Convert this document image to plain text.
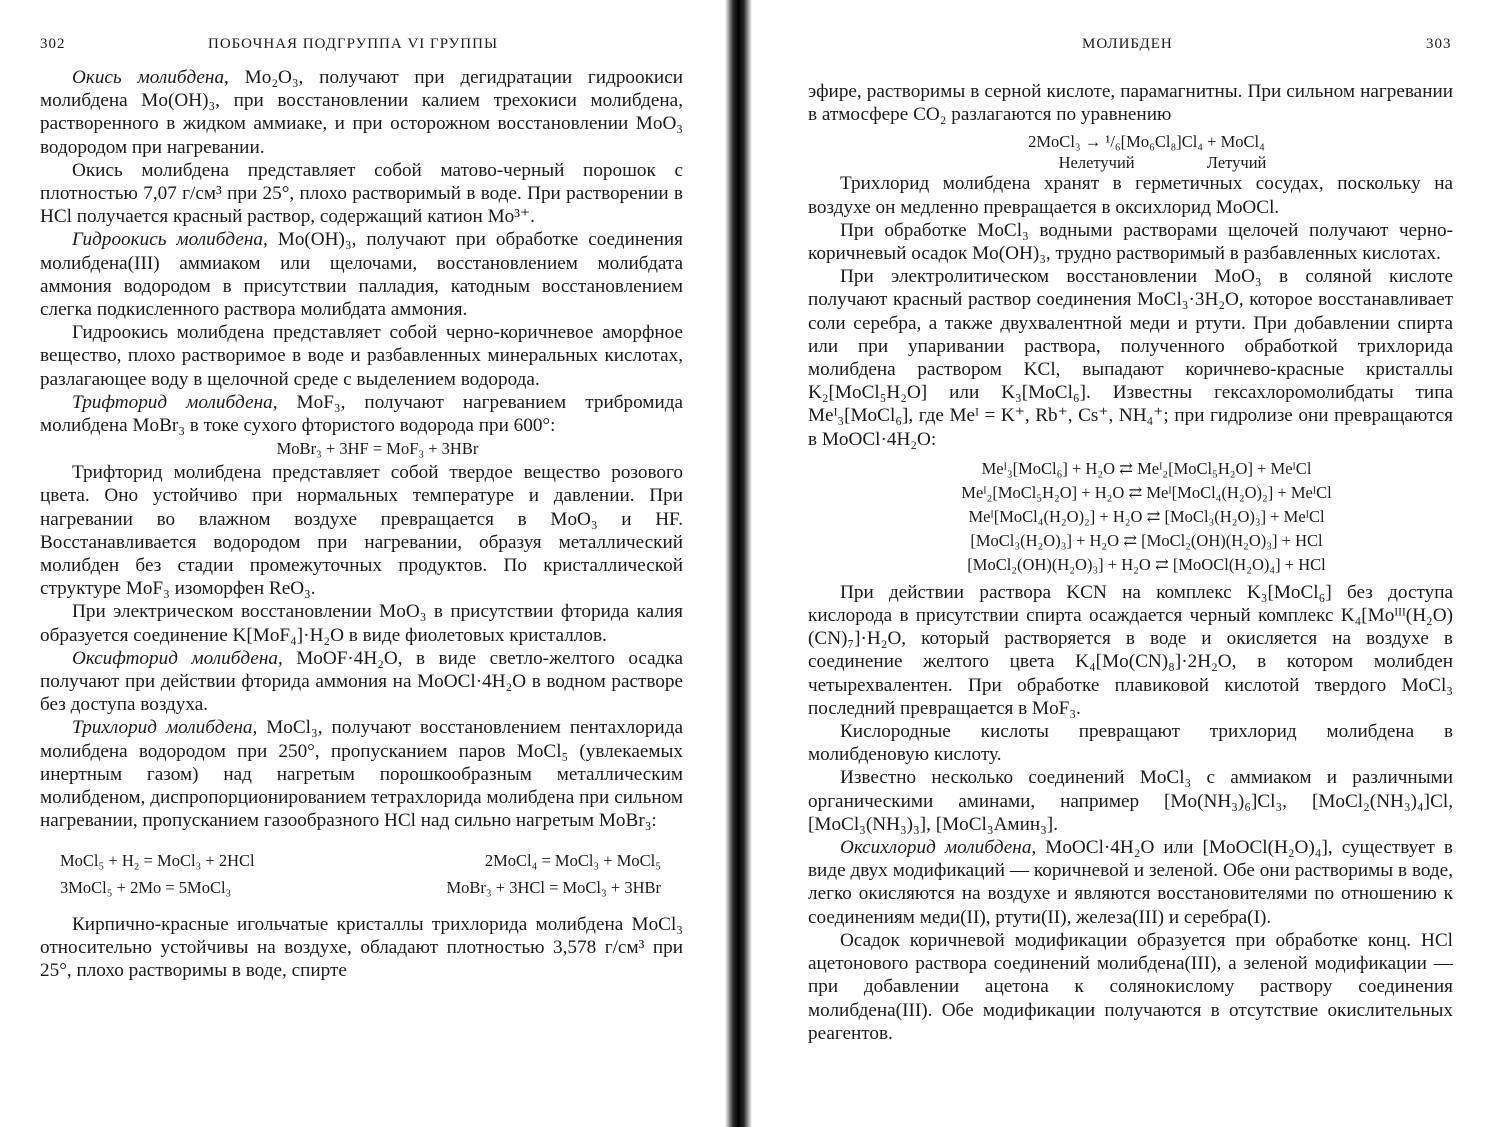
302	ПОБОЧНАЯ ПОДГРУППА VI ГРУППЫ

Окись молибдена, Mo₂O₃, получают при дегидратации гидроокиси молибдена Mo(OH)₃, при восстановлении калием трехокиси молибдена, растворенного в жидком аммиаке, и при осторожном восстановлении MoO₃ водородом при нагревании.

Окись молибдена представляет собой матово-черный порошок с плотностью 7,07 г/см³ при 25°, плохо растворимый в воде. При растворении в HCl получается красный раствор, содержащий катион Mo³⁺.

Гидроокись молибдена, Mo(OH)₃, получают при обработке соединения молибдена(III) аммиаком или щелочами, восстановлением молибдата аммония водородом в присутствии палладия, катодным восстановлением слегка подкисленного раствора молибдата аммония.

Гидроокись молибдена представляет собой черно-коричневое аморфное вещество, плохо растворимое в воде и разбавленных минеральных кислотах, разлагающее воду в щелочной среде с выделением водорода.

Трифторид молибдена, MoF₃, получают нагреванием трибромида молибдена MoBr₃ в токе сухого фтористого водорода при 600°:

MoBr₃ + 3HF = MoF₃ + 3HBr

Трифторид молибдена представляет собой твердое вещество розового цвета. Оно устойчиво при нормальных температуре и давлении. При нагревании во влажном воздухе превращается в MoO₃ и HF. Восстанавливается водородом при нагревании, образуя металлический молибден без стадии промежуточных продуктов. По кристаллической структуре MoF₃ изоморфен ReO₃.

При электрическом восстановлении MoO₃ в присутствии фторида калия образуется соединение K[MoF₄]·H₂O в виде фиолетовых кристаллов.

Оксифторид молибдена, MoOF·4H₂O, в виде светло-желтого осадка получают при действии фторида аммония на MoOCl·4H₂O в водном растворе без доступа воздуха.

Трихлорид молибдена, MoCl₃, получают восстановлением пентахлорида молибдена водородом при 250°, пропусканием паров MoCl₅ (увлекаемых инертным газом) над нагретым порошкообразным металлическим молибденом, диспропорционированием тетрахлорида молибдена при сильном нагревании, пропусканием газообразного HCl над сильно нагретым MoBr₃:

MoCl₅ + H₂ = MoCl₃ + 2HCl	2MoCl₄ = MoCl₃ + MoCl₅
3MoCl₅ + 2Mo = 5MoCl₃	MoBr₃ + 3HCl = MoCl₃ + 3HBr

Кирпично-красные игольчатые кристаллы трихлорида молибдена MoCl₃ относительно устойчивы на воздухе, обладают плотностью 3,578 г/см³ при 25°, плохо растворимы в воде, спирте

МОЛИБДЕН	303

эфире, растворимы в серной кислоте, парамагнитны. При сильном нагревании в атмосфере CO₂ разлагаются по уравнению

2MoCl₃ → ¹/₆[Mo₆Cl₈]Cl₄ + MoCl₄

Нелетучий	Летучий

Трихлорид молибдена хранят в герметичных сосудах, поскольку на воздухе он медленно превращается в оксихлорид MoOCl.

При обработке MoCl₃ водными растворами щелочей получают черно-коричневый осадок Mo(OH)₃, трудно растворимый в разбавленных кислотах.

При электролитическом восстановлении MoO₃ в соляной кислоте получают красный раствор соединения MoCl₃·3H₂O, которое восстанавливает соли серебра, а также двухвалентной меди и ртути. При добавлении спирта или при упаривании раствора, полученного обработкой трихлорида молибдена раствором KCl, выпадают коричнево-красные кристаллы K₂[MoCl₅H₂O] или K₃[MoCl₆]. Известны гексахлоромолибдаты типа Meᴵ₃[MoCl₆], где Meᴵ = K⁺, Rb⁺, Cs⁺, NH₄⁺; при гидролизе они превращаются в MoOCl·4H₂O:

Meᴵ₃[MoCl₆] + H₂O ⇄ Meᴵ₂[MoCl₅H₂O] + MeᴵCl

Meᴵ₂[MoCl₅H₂O] + H₂O ⇄ Meᴵ[MoCl₄(H₂O)₂] + MeᴵCl

Meᴵ[MoCl₄(H₂O)₂] + H₂O ⇄ [MoCl₃(H₂O)₃] + MeᴵCl

[MoCl₃(H₂O)₃] + H₂O ⇄ [MoCl₂(OH)(H₂O)₃] + HCl

[MoCl₂(OH)(H₂O)₃] + H₂O ⇄ [MoOCl(H₂O)₄] + HCl

При действии раствора KCN на комплекс K₃[MoCl₆] без доступа кислорода в присутствии спирта осаждается черный комплекс K₄[Moᴵᴵᴵ(H₂O)(CN)₇]·H₂O, который растворяется в воде и окисляется на воздухе в соединение желтого цвета K₄[Mo(CN)₈]·2H₂O, в котором молибден четырехвалентен. При обработке плавиковой кислотой твердого MoCl₃ последний превращается в MoF₃.

Кислородные кислоты превращают трихлорид молибдена в молибденовую кислоту.

Известно несколько соединений MoCl₃ с аммиаком и различными органическими аминами, например [Mo(NH₃)₆]Cl₃, [MoCl₂(NH₃)₄]Cl, [MoCl₃(NH₃)₃], [MoCl₃Амин₃].

Оксихлорид молибдена, MoOCl·4H₂O или [MoOCl(H₂O)₄], существует в виде двух модификаций — коричневой и зеленой. Обе они растворимы в воде, легко окисляются на воздухе и являются восстановителями по отношению к соединениям меди(II), ртути(II), железа(III) и серебра(I).

Осадок коричневой модификации образуется при обработке конц. HCl ацетонового раствора соединений молибдена(III), а зеленой модификации — при добавлении ацетона к солянокислому раствору соединения молибдена(III). Обе модификации получаются в отсутствие окислительных реагентов.
